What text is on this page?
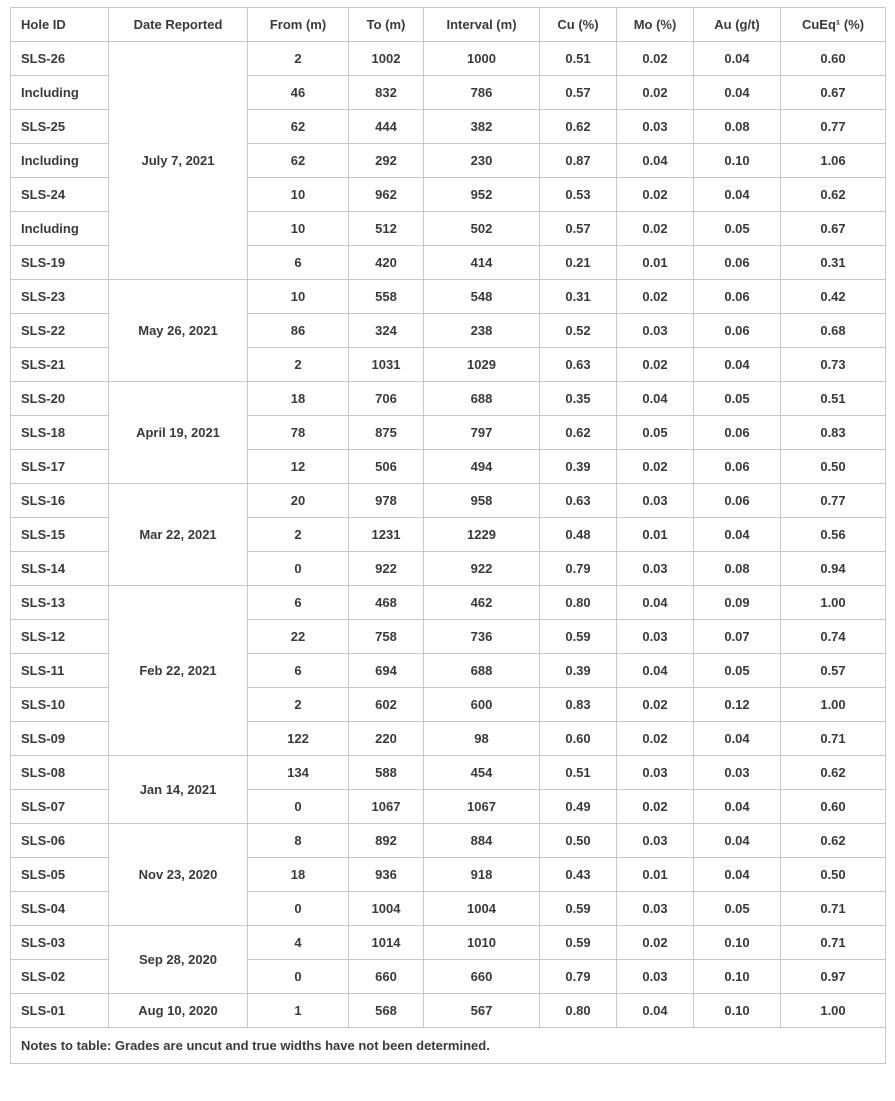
Hole ID	Date Reported	From (m)	To (m)	Interval (m)	Cu (%)	Mo (%)	Au (g/t)	CuEq¹ (%)
SLS-26	July 7, 2021	2	1002	1000	0.51	0.02	0.04	0.60
Including		46	832	786	0.57	0.02	0.04	0.67
SLS-25		62	444	382	0.62	0.03	0.08	0.77
Including		62	292	230	0.87	0.04	0.10	1.06
SLS-24		10	962	952	0.53	0.02	0.04	0.62
Including		10	512	502	0.57	0.02	0.05	0.67
SLS-19		6	420	414	0.21	0.01	0.06	0.31
SLS-23	May 26, 2021	10	558	548	0.31	0.02	0.06	0.42
SLS-22		86	324	238	0.52	0.03	0.06	0.68
SLS-21		2	1031	1029	0.63	0.02	0.04	0.73
SLS-20	April 19, 2021	18	706	688	0.35	0.04	0.05	0.51
SLS-18		78	875	797	0.62	0.05	0.06	0.83
SLS-17		12	506	494	0.39	0.02	0.06	0.50
SLS-16	Mar 22, 2021	20	978	958	0.63	0.03	0.06	0.77
SLS-15		2	1231	1229	0.48	0.01	0.04	0.56
SLS-14		0	922	922	0.79	0.03	0.08	0.94
SLS-13	Feb 22, 2021	6	468	462	0.80	0.04	0.09	1.00
SLS-12		22	758	736	0.59	0.03	0.07	0.74
SLS-11		6	694	688	0.39	0.04	0.05	0.57
SLS-10		2	602	600	0.83	0.02	0.12	1.00
SLS-09		122	220	98	0.60	0.02	0.04	0.71
SLS-08	Jan 14, 2021	134	588	454	0.51	0.03	0.03	0.62
SLS-07		0	1067	1067	0.49	0.02	0.04	0.60
SLS-06	Nov 23, 2020	8	892	884	0.50	0.03	0.04	0.62
SLS-05		18	936	918	0.43	0.01	0.04	0.50
SLS-04		0	1004	1004	0.59	0.03	0.05	0.71
SLS-03	Sep 28, 2020	4	1014	1010	0.59	0.02	0.10	0.71
SLS-02		0	660	660	0.79	0.03	0.10	0.97
SLS-01	Aug 10, 2020	1	568	567	0.80	0.04	0.10	1.00
Notes to table: Grades are uncut and true widths have not been determined.								
